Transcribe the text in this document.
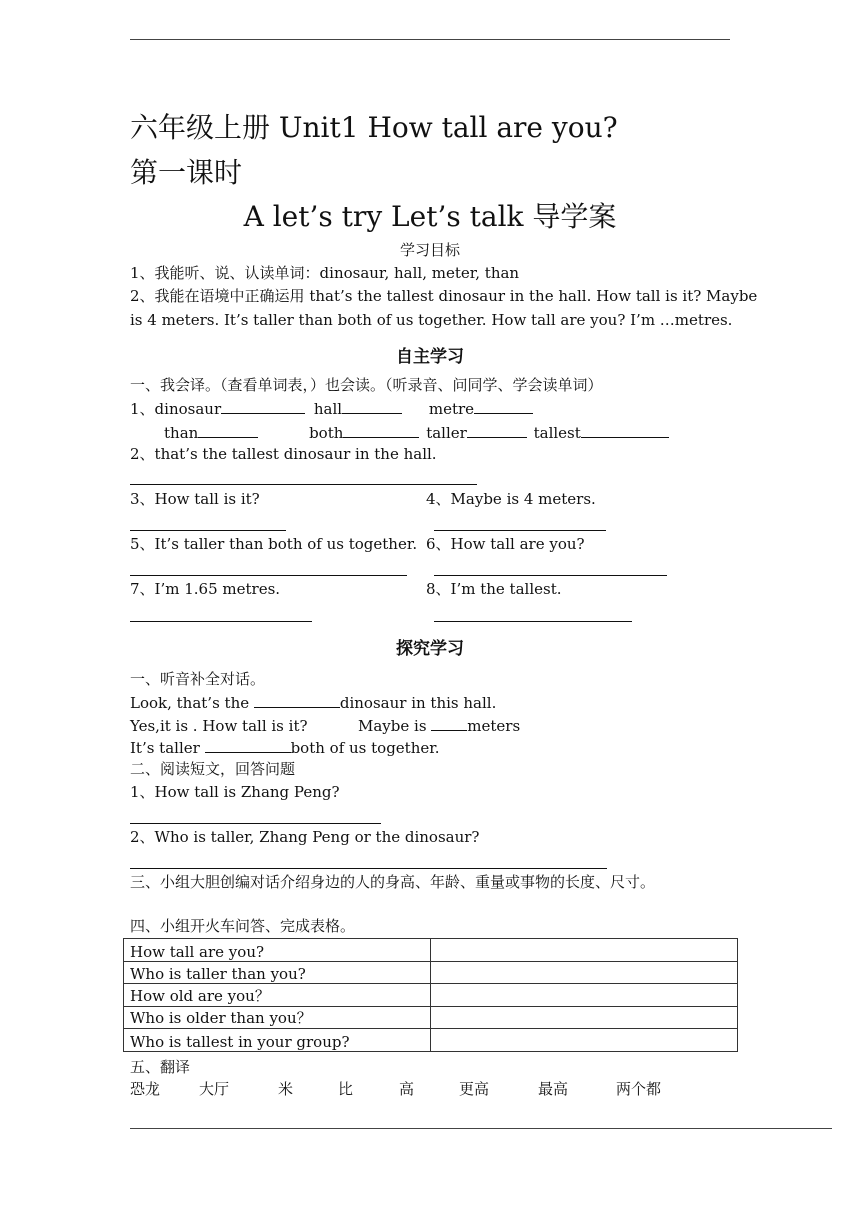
六年级上册 Unit1 How tall are you?
第一课时
A let’s try Let’s talk 导学案
学习目标
1、我能听、说、认读单词：dinosaur, hall, meter, than
2、我能在语境中正确运用 that’s the tallest dinosaur in the hall. How tall is it? Maybe
is 4 meters. It’s taller than both of us together. How tall are you? I’m …metres.
自主学习
一、我会译。（查看单词表，）也会读。（听录音、问同学、学会读单词）
1、dinosaur	hall	metre
than	both	taller	tallest
2、that’s the tallest dinosaur in the hall.
3、How tall is it?	4、Maybe is 4 meters.
5、It’s taller than both of us together. 6、How tall are you?
7、I’m 1.65 metres.	8、I’m the tallest.
探究学习
一、听音补全对话。
Look, that’s the	dinosaur in this hall.
Yes,it is . How tall is it?	Maybe is meters
It’s taller	both of us together.
二、阅读短文，回答问题
1、How tall is Zhang Peng?
2、Who is taller, Zhang Peng or the dinosaur?
三、小组大胆创编对话介绍身边的人的身高、年龄、重量或事物的长度、尺寸。
四、小组开火车问答、完成表格。
How tall are you?	
Who is taller than you?	
How old are you？	
Who is older than you？	
Who is tallest in your group?	
五、翻译
恐龙	大厅	米	比	高	更高	最高	两个都
